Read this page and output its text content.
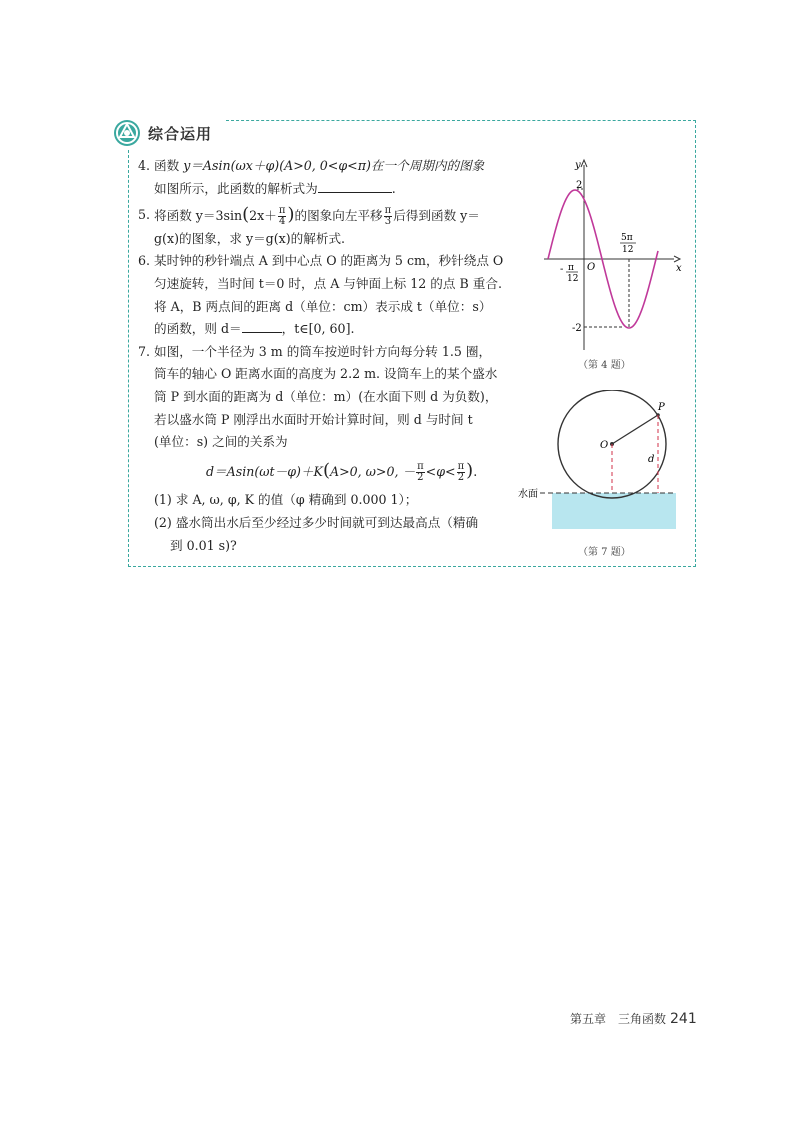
综合运用
4. 函数 y＝Asin(ωx＋φ)(A>0, 0<φ<π)在一个周期内的图象
如图所示，此函数的解析式为	.
5. 将函数 $y=3\sin(2x+ \frac{\pi}{4}$ )的图象向左平移 $\frac{\pi}{3}$ 后得到函数 y＝
g(x)的图象，求 y＝g(x)的解析式.
6. 某时钟的秒针端点 A 到中心点 O 的距离为 5 cm，秒针绕点 O
匀速旋转，当时间 t＝0 时，点 A 与钟面上标 12 的点 B 重合.
将 A，B 两点间的距离 d（单位：cm）表示成 t（单位：s）
的函数，则 d＝	，t∈[0, 60].
7. 如图，一个半径为 3 m 的筒车按逆时针方向每分转 1.5 圈，
筒车的轴心 O 距离水面的高度为 2.2 m. 设筒车上的某个盛水
筒 P 到水面的距离为 d（单位：m）(在水面下则 d 为负数)，
若以盛水筒 P 刚浮出水面时开始计算时间，则 d 与时间 t
(单位：s) 之间的关系为
d＝Asin(ωt－φ)＋K(A>0, ω>0, － $\frac{\pi}{2} <\varphi< \frac{\pi}{2}$ ).
(1) 求 A, ω, φ, K 的值（φ 精确到 0.000 1）；
(2) 盛水筒出水后至少经过多少时间就可到达最高点（精确
到 0.01 s)?
y
x
O
2
-2
- π
12
5π
12
（第 4 题）
O
P
d
水面
（第 7 题）
第五章　三角函数 241
